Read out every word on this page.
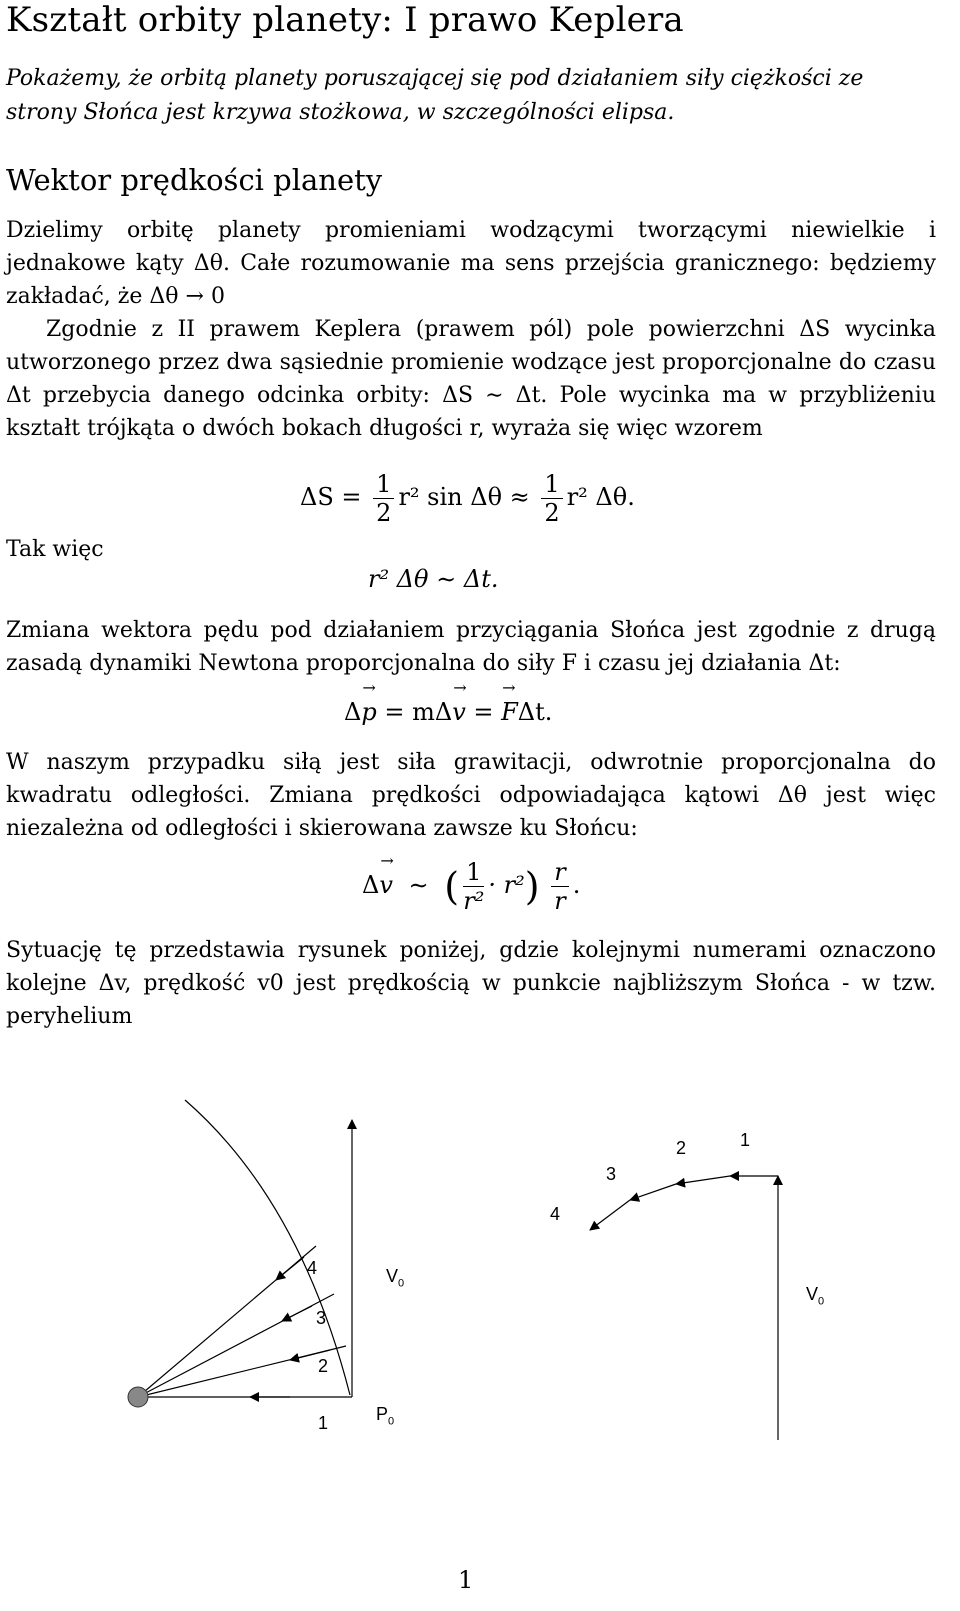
Kształt orbity planety: I prawo Keplera

Pokażemy, że orbitą planety poruszającej się pod działaniem siły ciężkości ze strony Słońca jest krzywa stożkowa, w szczególności elipsa.

Wektor prędkości planety

Dzielimy orbitę planety promieniami wodzącymi tworzącymi niewielkie i jednakowe kąty Δθ. Całe rozumowanie ma sens przejścia granicznego: będziemy zakładać, że Δθ → 0

Zgodnie z II prawem Keplera (prawem pól) pole powierzchni ΔS wycinka utworzonego przez dwa sąsiednie promienie wodzące jest proporcjonalne do czasu Δt przebycia danego odcinka orbity: ΔS ∼ Δt. Pole wycinka ma w przybliżeniu kształt trójkąta o dwóch bokach długości r, wyraża się więc wzorem

$\Delta S = \frac{1}{2} r^2$ $\sin \Delta\theta \approx \frac{1}{2} r^2$ Δθ.
Tak więc
r² Δθ ∼ Δt.

Zmiana wektora pędu pod działaniem przyciągania Słońca jest zgodnie z drugą zasadą dynamiki Newtona proporcjonalna do siły F i czasu jej działania Δt:

Δ→ p = mΔ→ v = → FΔt.

W naszym przypadku siłą jest siła grawitacji, odwrotnie proporcjonalna do kwadratu odległości. Zmiana prędkości odpowiadająca kątowi Δθ jest więc niezależna od odległości i skierowana zawsze ku Słońcu:

Δ→ v ∼ ( $\frac{1}{\text{r²}} \cdot r^2) \frac{r}{r}$ .

Sytuację tę przedstawia rysunek poniżej, gdzie kolejnymi numerami oznaczono kolejne Δv, prędkość v0 jest prędkością w punkcie najbliższym Słońca - w tzw. peryhelium

4
3
2
1
$V_0$
$P_0$
1
2
3
4
$V_0$
1
